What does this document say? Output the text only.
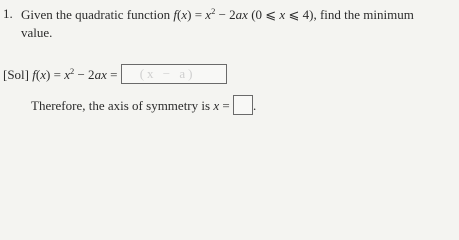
1. Given the quadratic function $f(x) = x^2 - 2ax$ (0 ⩽ x ⩽ 4), find the minimum
value.
[Sol] $f(x) = x^2 - 2ax = (x - a)$
Therefore, the axis of symmetry is x = .
